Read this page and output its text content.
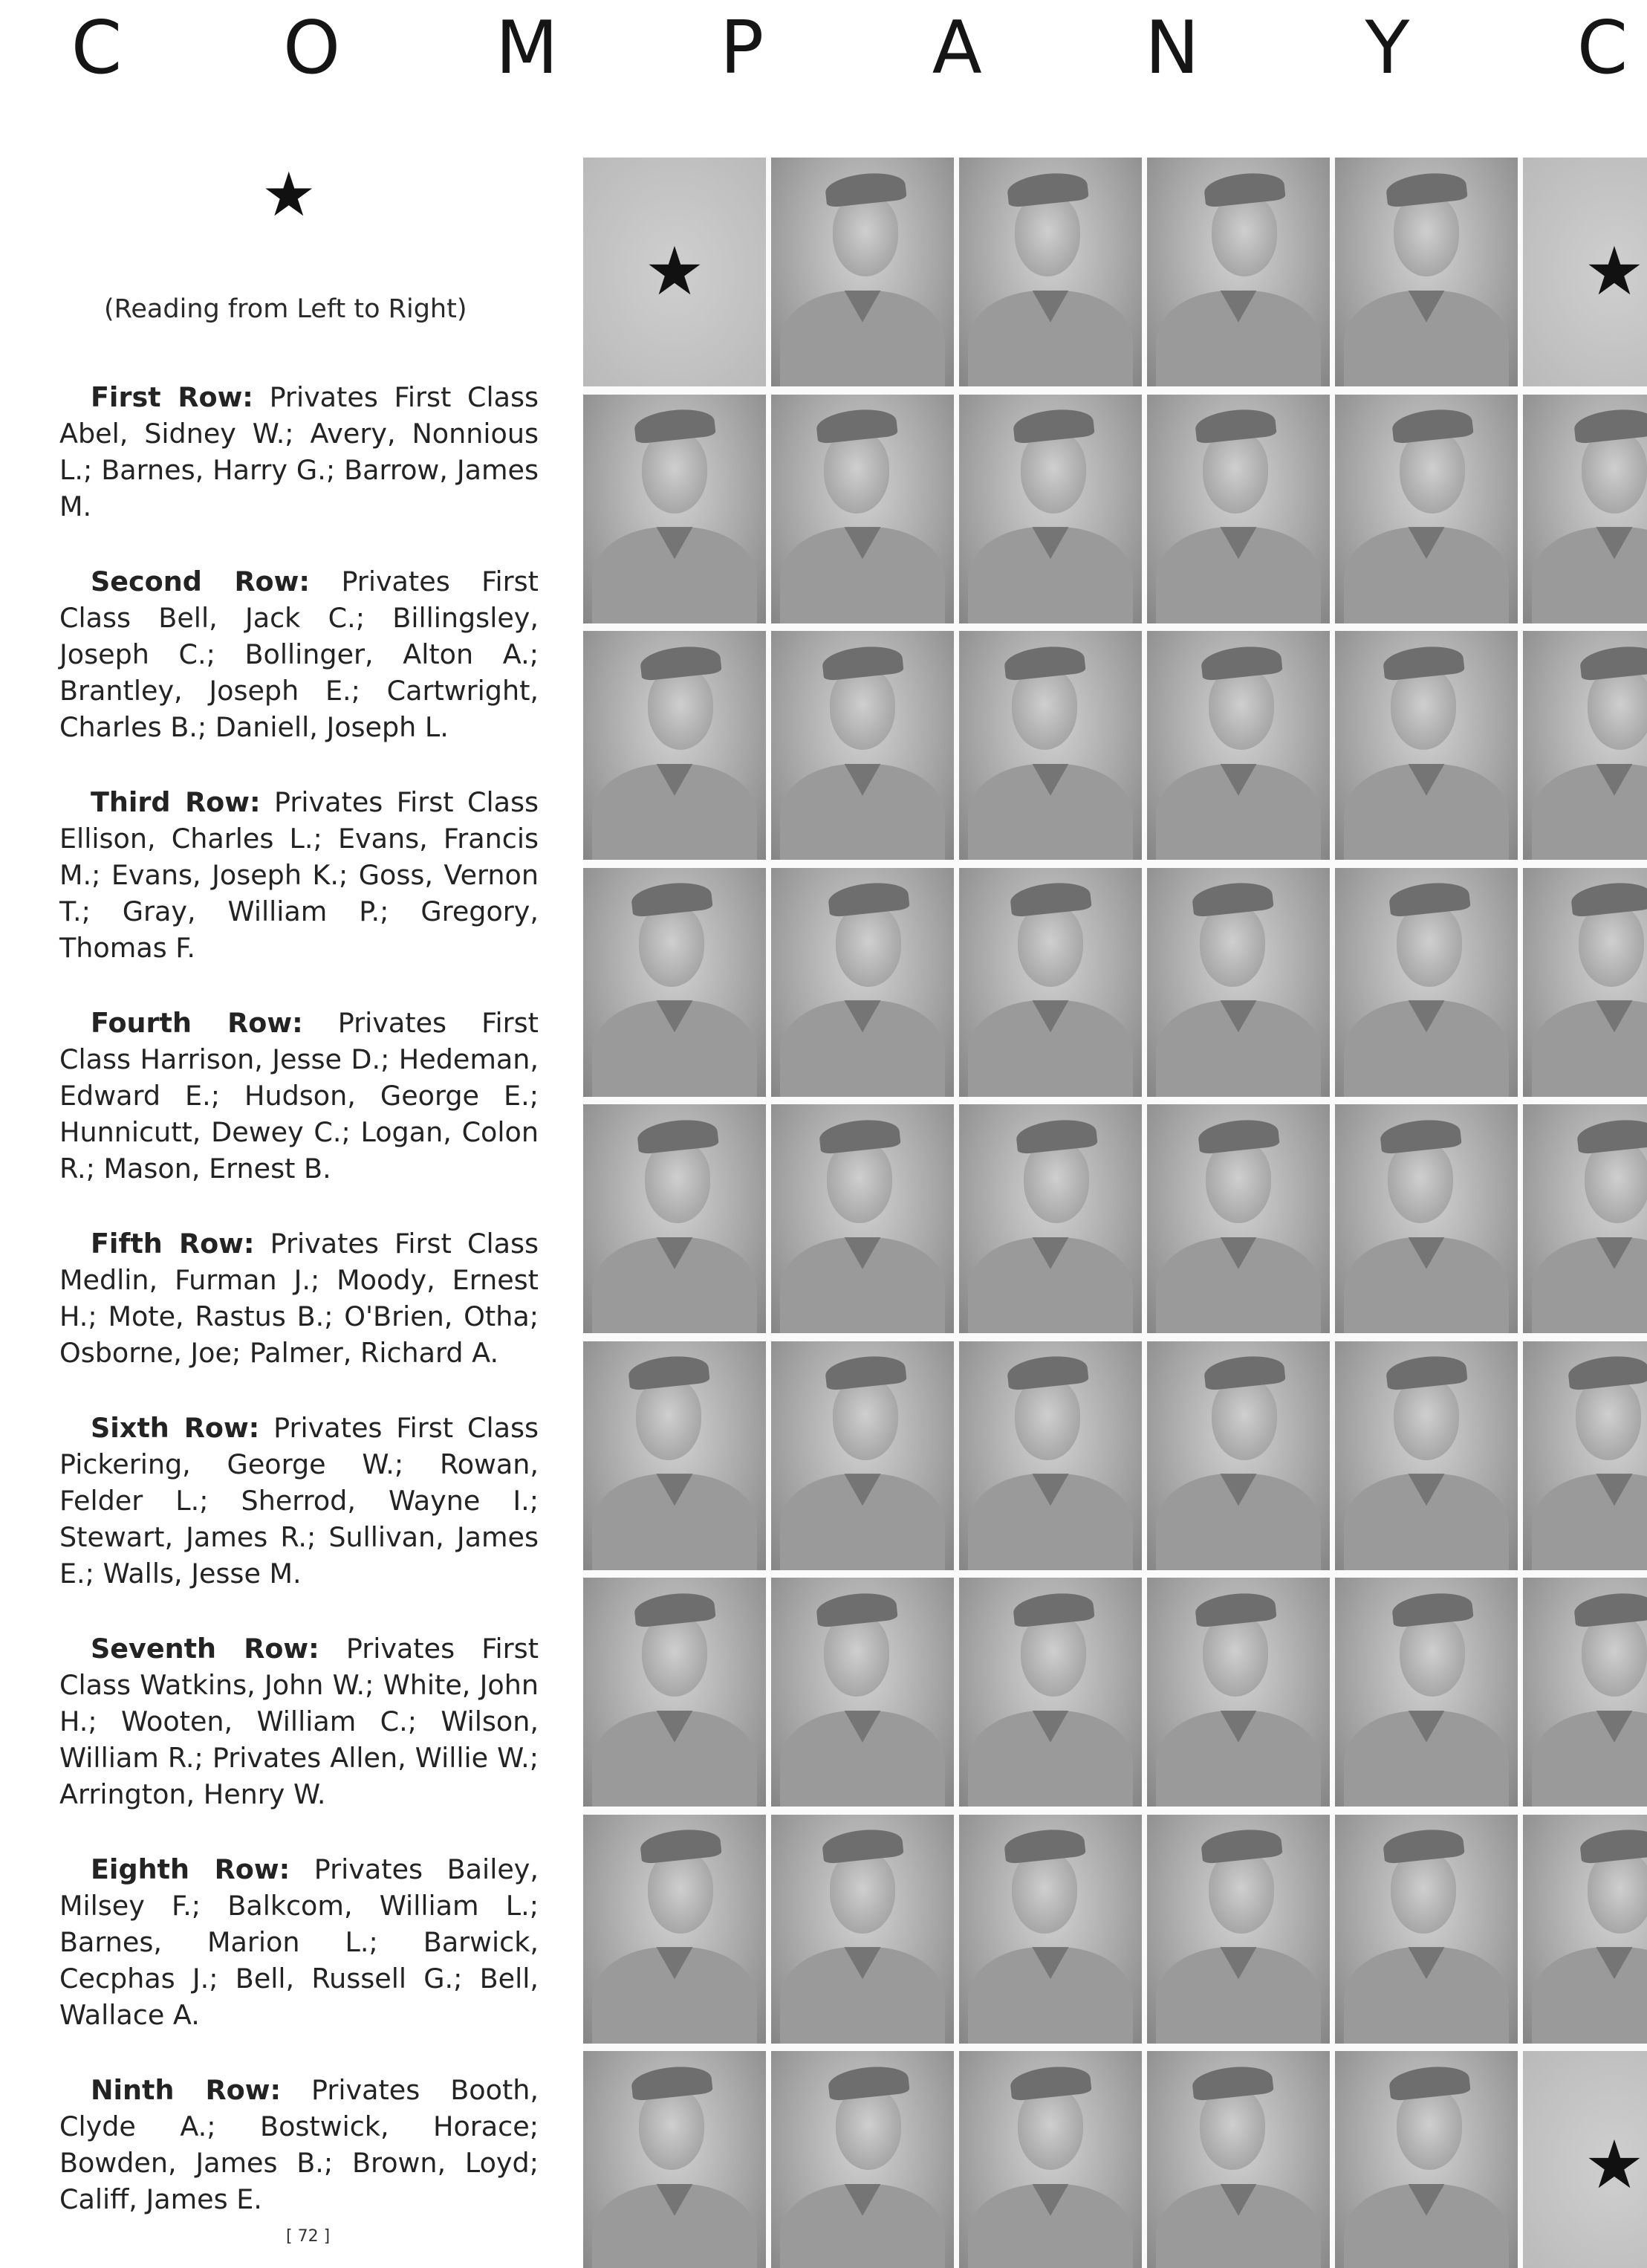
C O M	P	A N	Y	C
★
(Reading from Left to Right)

First Row: Privates First Class Abel, Sidney W.; Avery, Nonnious L.; Barnes, Harry G.; Barrow, James M.

Second Row: Privates First Class Bell, Jack C.; Billingsley, Joseph C.; Bollinger, Alton A.; Brantley, Joseph E.; Cartwright, Charles B.; Daniell, Joseph L.

Third Row: Privates First Class Ellison, Charles L.; Evans, Francis M.; Evans, Joseph K.; Goss, Vernon T.; Gray, William P.; Gregory, Thomas F.

Fourth Row: Privates First Class Harrison, Jesse D.; Hedeman, Edward E.; Hudson, George E.; Hunnicutt, Dewey C.; Logan, Colon R.; Mason, Ernest B.

Fifth Row: Privates First Class Medlin, Furman J.; Moody, Ernest H.; Mote, Rastus B.; O'Brien, Otha; Osborne, Joe; Palmer, Richard A.

Sixth Row: Privates First Class Pickering, George W.; Rowan, Felder L.; Sherrod, Wayne I.; Stewart, James R.; Sullivan, James E.; Walls, Jesse M.

Seventh Row: Privates First Class Watkins, John W.; White, John H.; Wooten, William C.; Wilson, William R.; Privates Allen, Willie W.; Arrington, Henry W.

Eighth Row: Privates Bailey, Milsey F.; Balkcom, William L.; Barnes, Marion L.; Barwick, Cecphas J.; Bell, Russell G.; Bell, Wallace A.

Ninth Row: Privates Booth, Clyde A.; Bostwick, Horace; Bowden, James B.; Brown, Loyd; Califf, James E.

[ 72 ]
★	★
★
